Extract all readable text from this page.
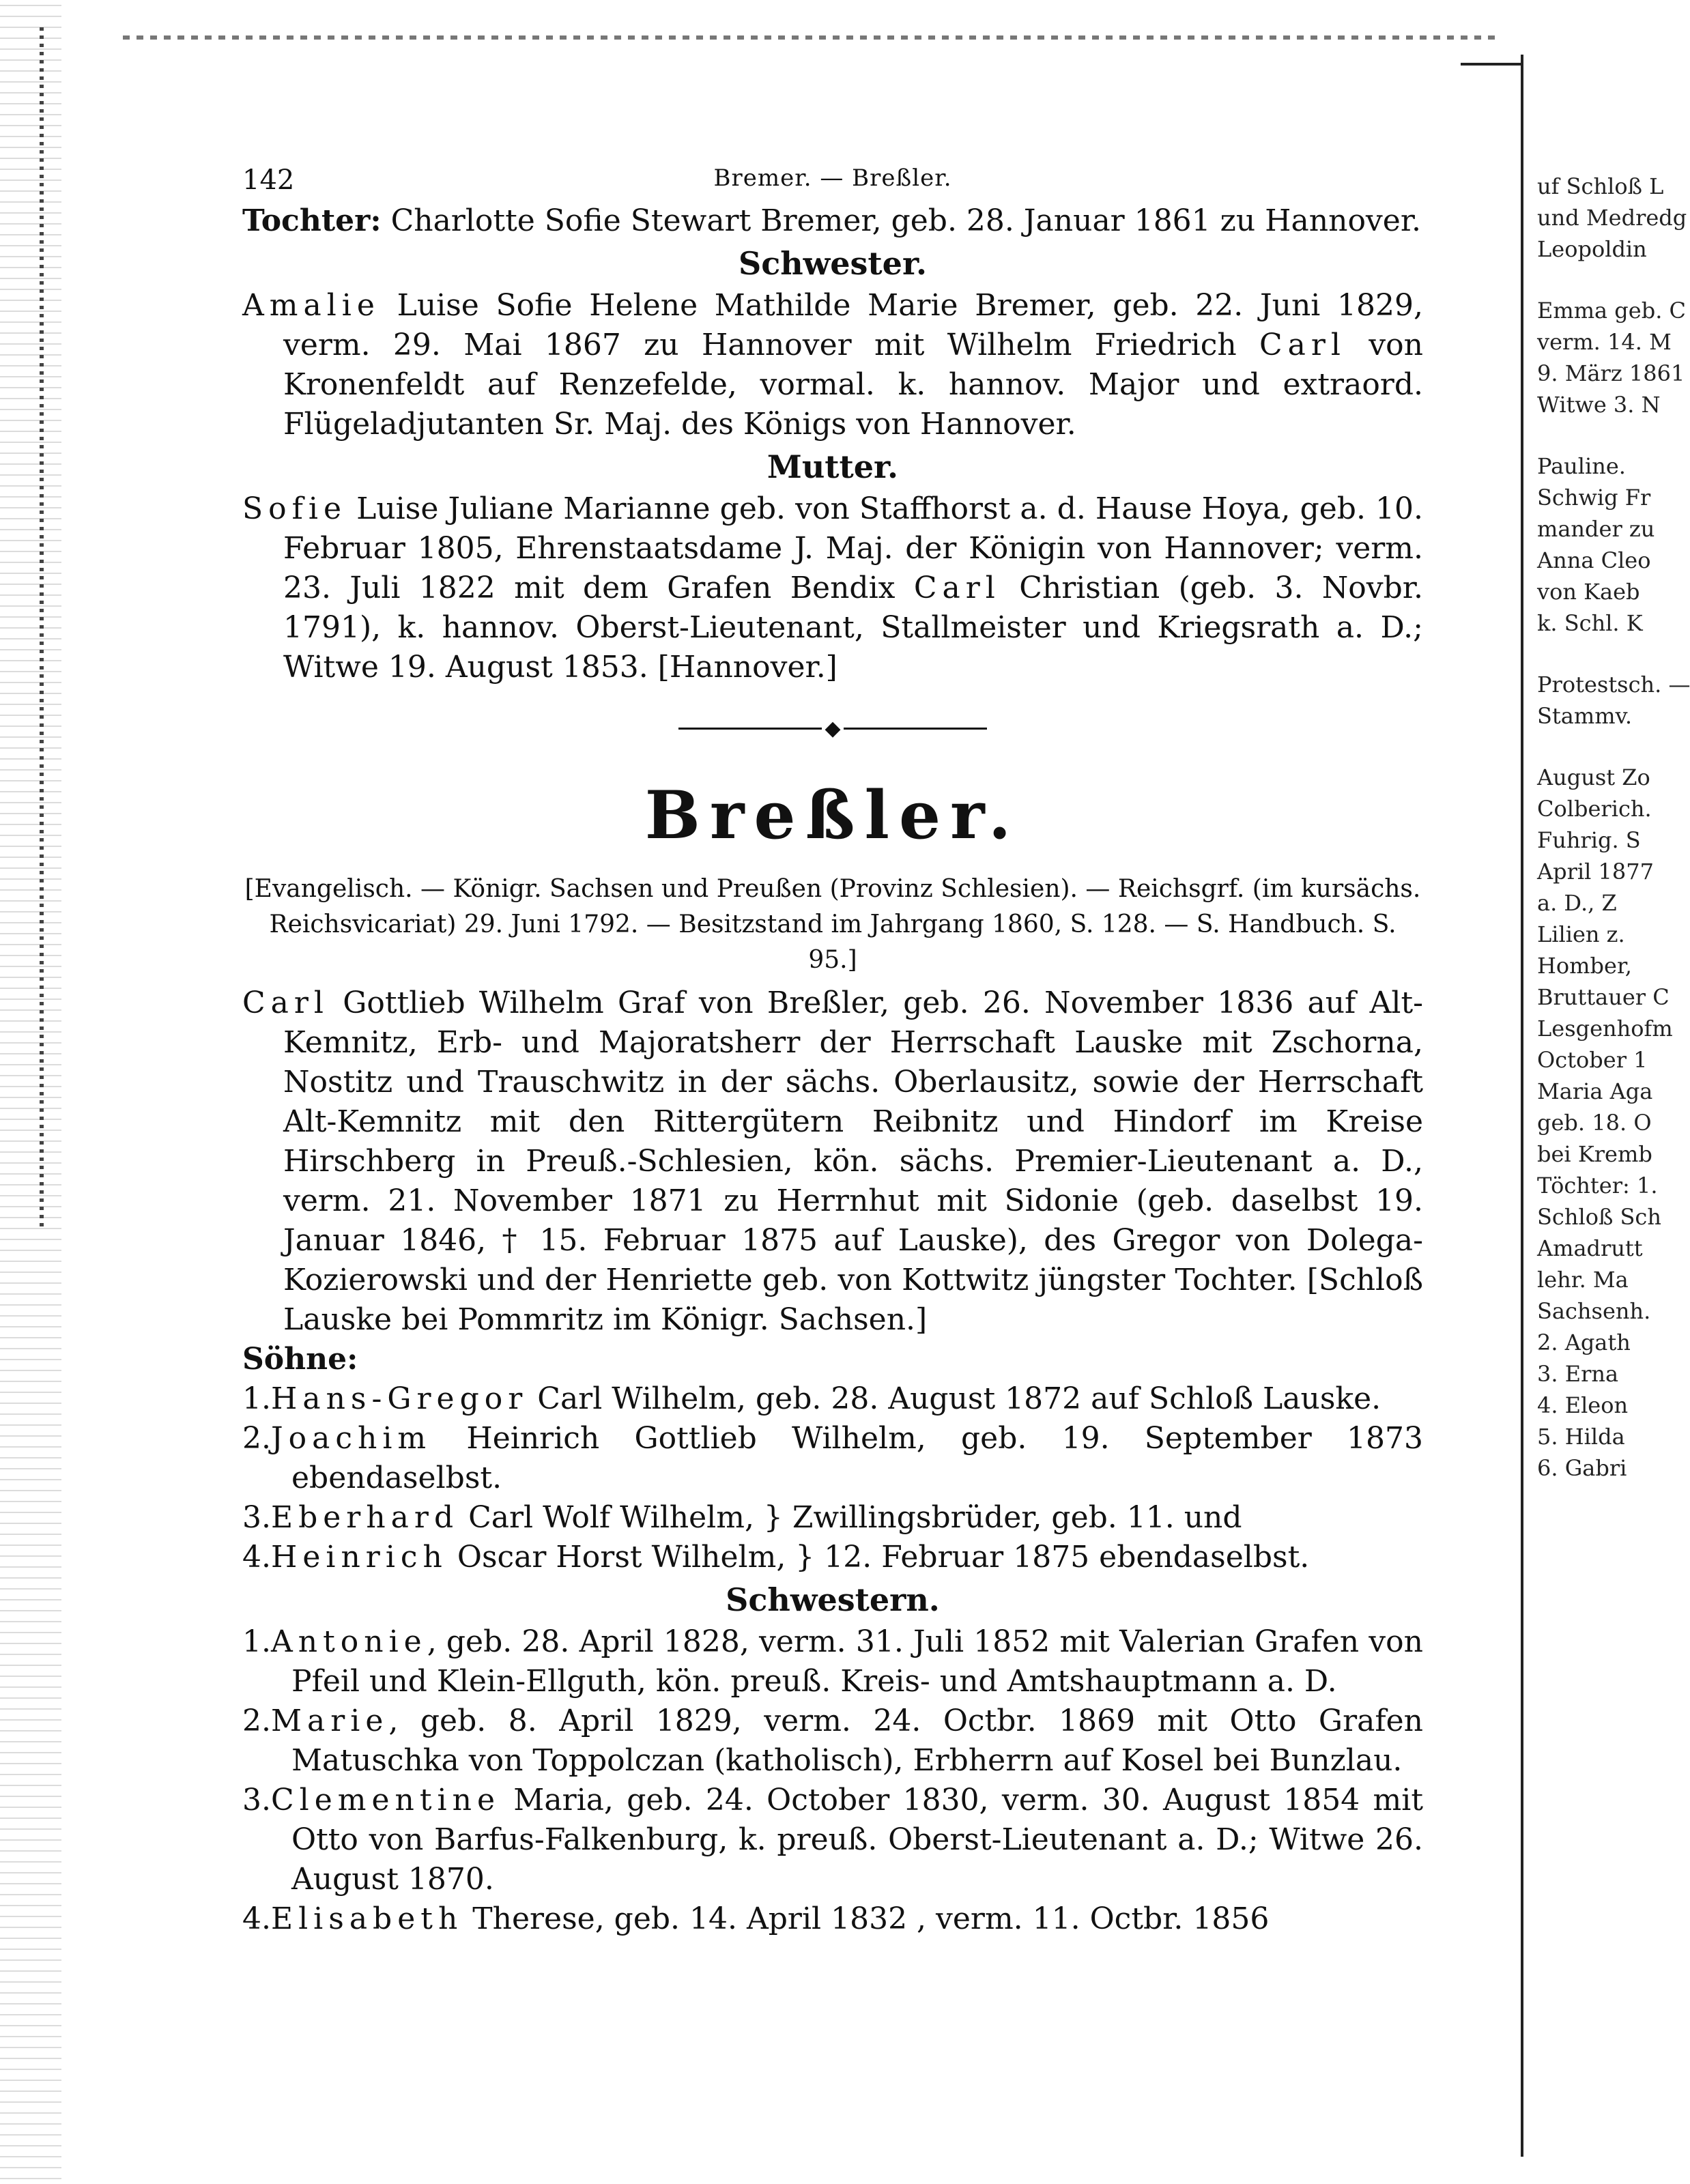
142	Bremer. — Breßler.

Tochter: Charlotte Sofie Stewart Bremer, geb. 28. Januar 1861 zu Hannover.

Schwester.

Amalie Luise Sofie Helene Mathilde Marie Bremer, geb. 22. Juni 1829, verm. 29. Mai 1867 zu Hannover mit Wilhelm Friedrich Carl von Kronenfeldt auf Renzefelde, vormal. k. hannov. Major und extraord. Flügeladjutanten Sr. Maj. des Königs von Hannover.

Mutter.

Sofie Luise Juliane Marianne geb. von Staffhorst a. d. Hause Hoya, geb. 10. Februar 1805, Ehrenstaatsdame J. Maj. der Königin von Hannover; verm. 23. Juli 1822 mit dem Grafen Bendix Carl Christian (geb. 3. Novbr. 1791), k. hannov. Oberst-Lieutenant, Stallmeister und Kriegsrath a. D.; Witwe 19. August 1853. [Hannover.]

◆
Breßler.

[Evangelisch. — Königr. Sachsen und Preußen (Provinz Schlesien). — Reichsgrf. (im kursächs. Reichsvicariat) 29. Juni 1792. — Besitzstand im Jahrgang 1860, S. 128. — S. Handbuch. S. 95.]

Carl Gottlieb Wilhelm Graf von Breßler, geb. 26. November 1836 auf Alt-Kemnitz, Erb- und Majoratsherr der Herrschaft Lauske mit Zschorna, Nostitz und Trauschwitz in der sächs. Oberlausitz, sowie der Herrschaft Alt-Kemnitz mit den Rittergütern Reibnitz und Hindorf im Kreise Hirschberg in Preuß.-Schlesien, kön. sächs. Premier-Lieutenant a. D., verm. 21. November 1871 zu Herrnhut mit Sidonie (geb. daselbst 19. Januar 1846, † 15. Februar 1875 auf Lauske), des Gregor von Dolega-Kozierowski und der Henriette geb. von Kottwitz jüngster Tochter. [Schloß Lauske bei Pommritz im Königr. Sachsen.]

Söhne:

1.Hans-Gregor Carl Wilhelm, geb. 28. August 1872 auf Schloß Lauske.

2.Joachim Heinrich Gottlieb Wilhelm, geb. 19. September 1873 ebendaselbst.

3.Eberhard Carl Wolf Wilhelm, } Zwillingsbrüder, geb. 11. und

4.Heinrich Oscar Horst Wilhelm, } 12. Februar 1875 ebendaselbst.

Schwestern.

1.Antonie, geb. 28. April 1828, verm. 31. Juli 1852 mit Valerian Grafen von Pfeil und Klein-Ellguth, kön. preuß. Kreis- und Amtshauptmann a. D.

2.Marie, geb. 8. April 1829, verm. 24. Octbr. 1869 mit Otto Grafen Matuschka von Toppolczan (katholisch), Erbherrn auf Kosel bei Bunzlau.

3.Clementine Maria, geb. 24. October 1830, verm. 30. August 1854 mit Otto von Barfus-Falkenburg, k. preuß. Oberst-Lieutenant a. D.; Witwe 26. August 1870.

4.Elisabeth Therese, geb. 14. April 1832 , verm. 11. Octbr. 1856

uf Schloß L
und Medredg
Leopoldin
Emma geb. C
verm. 14. M
9. März 1861
Witwe 3. N
Pauline.
Schwig Fr
mander zu
Anna Cleo
von Kaeb
k. Schl. K
Protestsch. —
Stammv.
August Zo
Colberich.
Fuhrig. S
April 1877
a. D., Z
Lilien z.
Homber,
Bruttauer C
Lesgenhofm
October 1
Maria Aga
geb. 18. O
bei Kremb
Töchter: 1.
Schloß Sch
Amadrutt
lehr. Ma
Sachsenh.
2. Agath
3. Erna
4. Eleon
5. Hilda
6. Gabri
